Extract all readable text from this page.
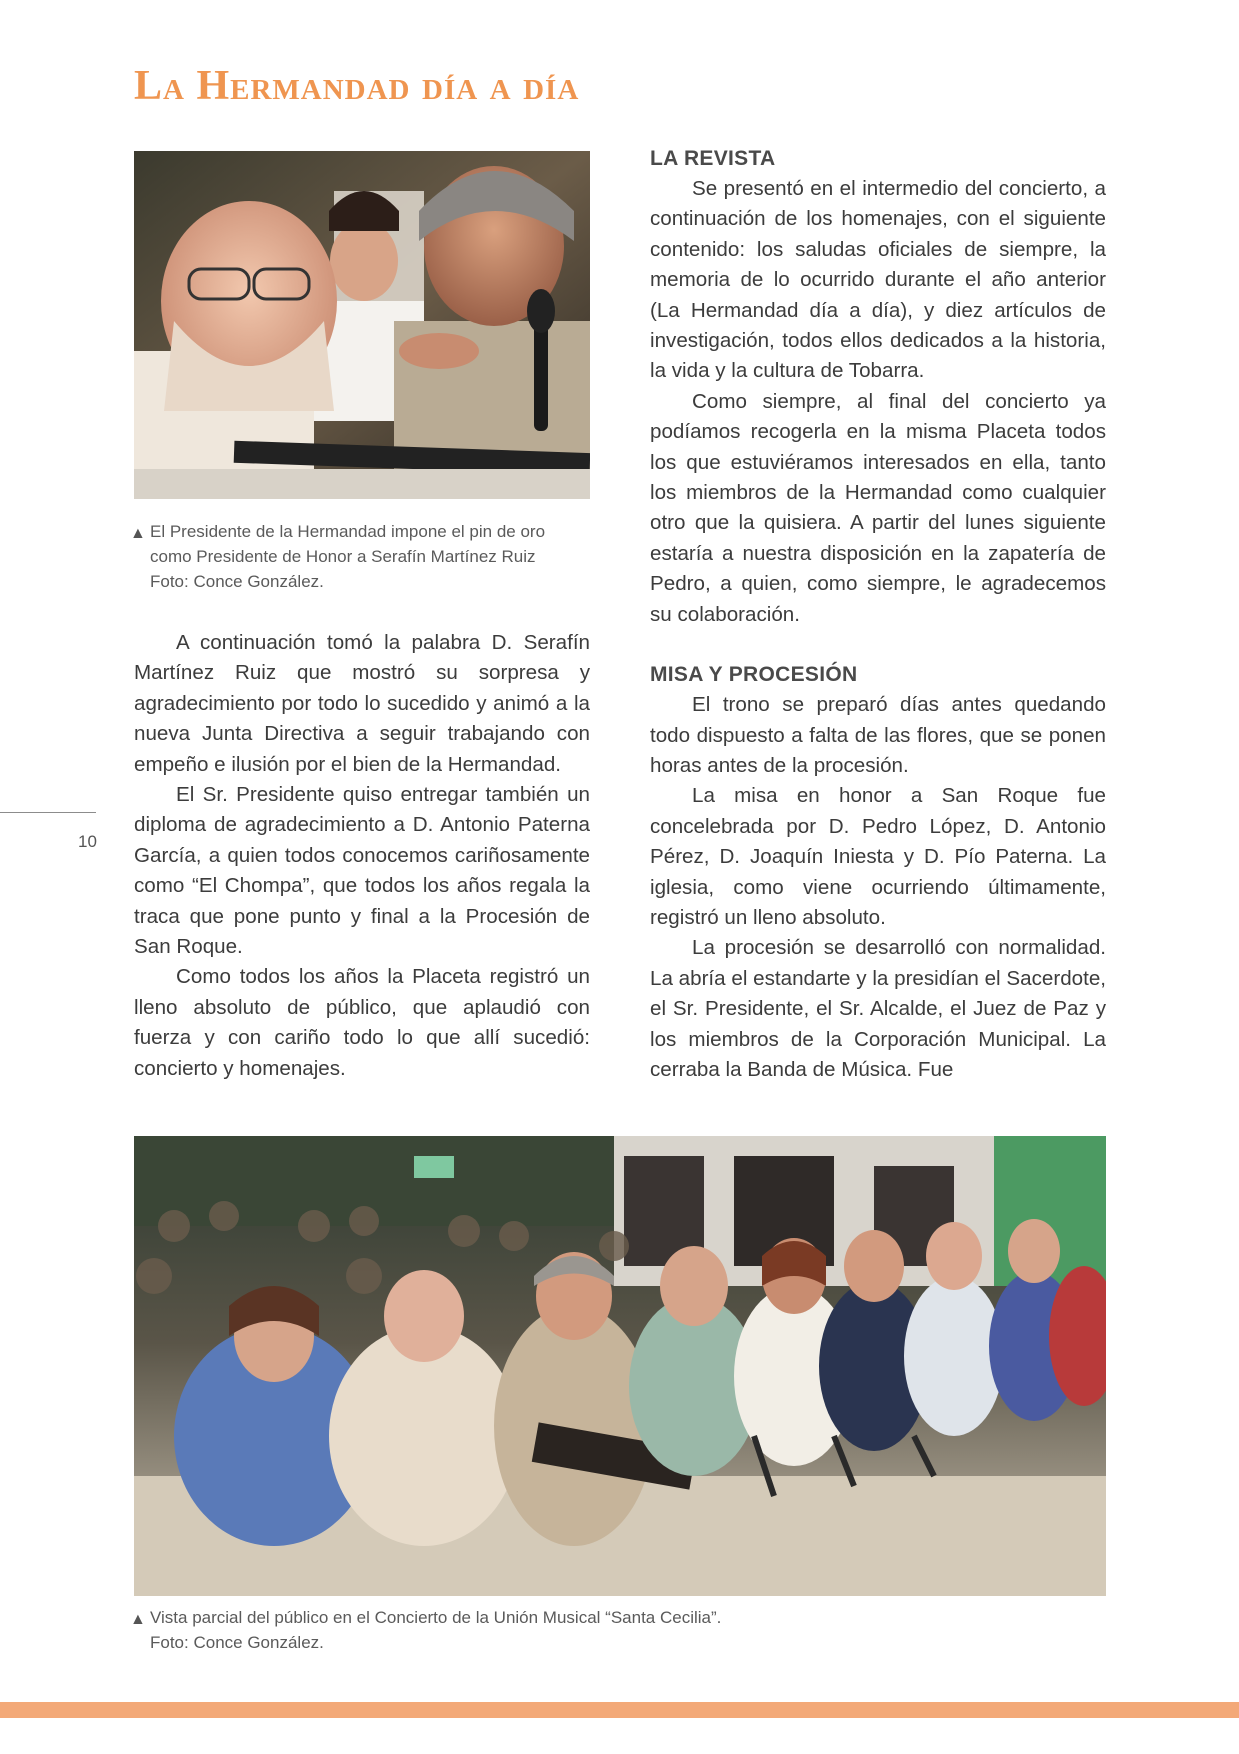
La Hermandad día a día
▲ El Presidente de la Hermandad impone el pin de oro
como Presidente de Honor a Serafín Martínez Ruiz
Foto: Conce González.

A continuación tomó la palabra D. Serafín Martínez Ruiz que mostró su sorpresa y agradecimiento por todo lo sucedido y animó a la nueva Junta Directiva a seguir trabajando con empeño e ilusión por el bien de la Hermandad.

El Sr. Presidente quiso entregar también un diploma de agradecimiento a D. Antonio Paterna García, a quien todos conocemos cariñosamente como “El Chompa”, que todos los años regala la traca que pone punto y final a la Procesión de San Roque.

Como todos los años la Placeta registró un lleno absoluto de público, que aplaudió con fuerza y con cariño todo lo que allí sucedió: concierto y homenajes.

LA REVISTA

Se presentó en el intermedio del concierto, a continuación de los homenajes, con el siguiente contenido: los saludas oficiales de siempre, la memoria de lo ocurrido durante el año anterior (La Hermandad día a día), y diez artículos de investigación, todos ellos dedicados a la historia, la vida y la cultura de Tobarra.

Como siempre, al final del concierto ya podíamos recogerla en la misma Placeta todos los que estuviéramos interesados en ella, tanto los miembros de la Hermandad como cualquier otro que la quisiera. A partir del lunes siguiente estaría a nuestra disposición en la zapatería de Pedro, a quien, como siempre, le agradecemos su colaboración.

MISA Y PROCESIÓN

El trono se preparó días antes quedando todo dispuesto a falta de las flores, que se ponen horas antes de la procesión.

La misa en honor a San Roque fue concelebrada por D. Pedro López, D. Antonio Pérez, D. Joaquín Iniesta y D. Pío Paterna. La iglesia, como viene ocurriendo últimamente, registró un lleno absoluto.

La procesión se desarrolló con normalidad. La abría el estandarte y la presidían el Sacerdote, el Sr. Presidente, el Sr. Alcalde, el Juez de Paz y los miembros de la Corporación Municipal. La cerraba la Banda de Música. Fue

10
▲ Vista parcial del público en el Concierto de la Unión Musical “Santa Cecilia”.
Foto: Conce González.
